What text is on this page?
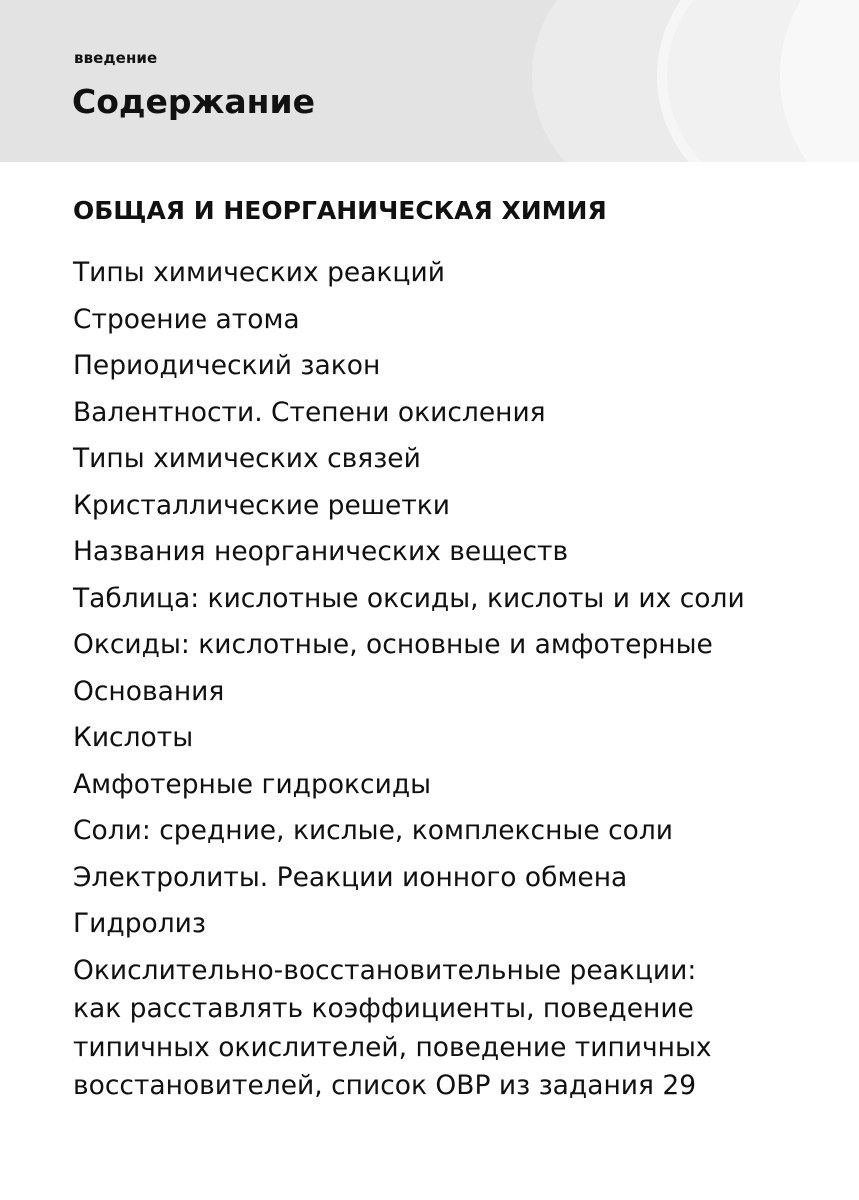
введение
Содержание
ОБЩАЯ И НЕОРГАНИЧЕСКАЯ ХИМИЯ
Типы химических реакций
Строение атома
Периодический закон
Валентности. Степени окисления
Типы химических связей
Кристаллические решетки
Названия неорганических веществ
Таблица: кислотные оксиды, кислоты и их соли
Оксиды: кислотные, основные и амфотерные
Основания
Кислоты
Амфотерные гидроксиды
Соли: средние, кислые, комплексные соли
Электролиты. Реакции ионного обмена
Гидролиз
Окислительно-восстановительные реакции:
как расставлять коэффициенты, поведение
типичных окислителей, поведение типичных
восстановителей, список ОВР из задания 29
